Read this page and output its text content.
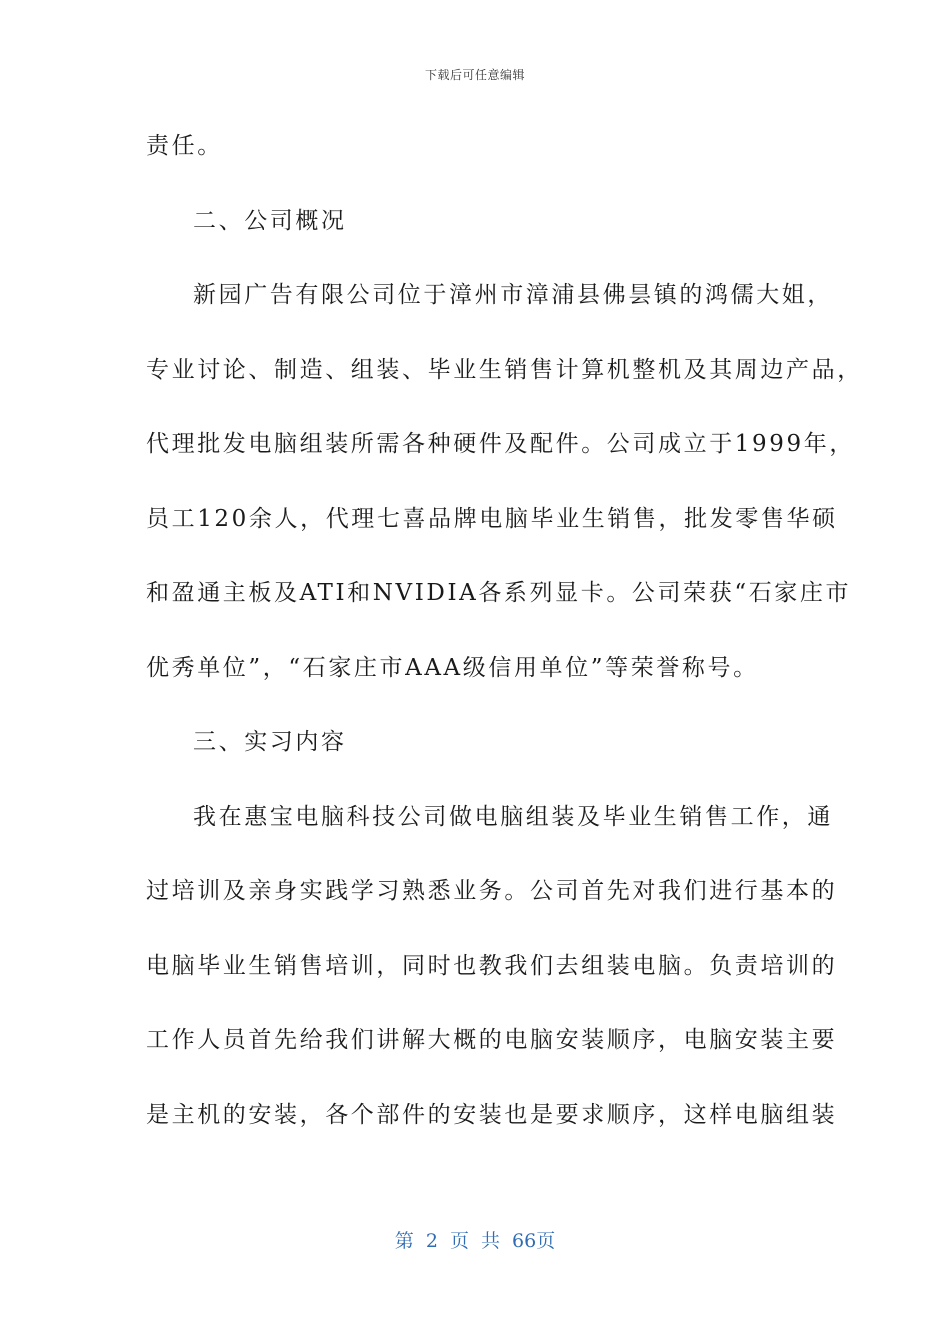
下载后可任意编辑
责任。
二、公司概况
新园广告有限公司位于漳州市漳浦县佛昙镇的鸿儒大姐，
专业讨论、制造、组装、毕业生销售计算机整机及其周边产品，
代理批发电脑组装所需各种硬件及配件。公司成立于1999年，
员工120余人，代理七喜品牌电脑毕业生销售，批发零售华硕
和盈通主板及ATI和NVIDIA各系列显卡。公司荣获“石家庄市
优秀单位”，“石家庄市AAA级信用单位”等荣誉称号。
三、实习内容
我在惠宝电脑科技公司做电脑组装及毕业生销售工作，通
过培训及亲身实践学习熟悉业务。公司首先对我们进行基本的
电脑毕业生销售培训，同时也教我们去组装电脑。负责培训的
工作人员首先给我们讲解大概的电脑安装顺序，电脑安装主要
是主机的安装，各个部件的安装也是要求顺序，这样电脑组装
第 2 页 共 66页
